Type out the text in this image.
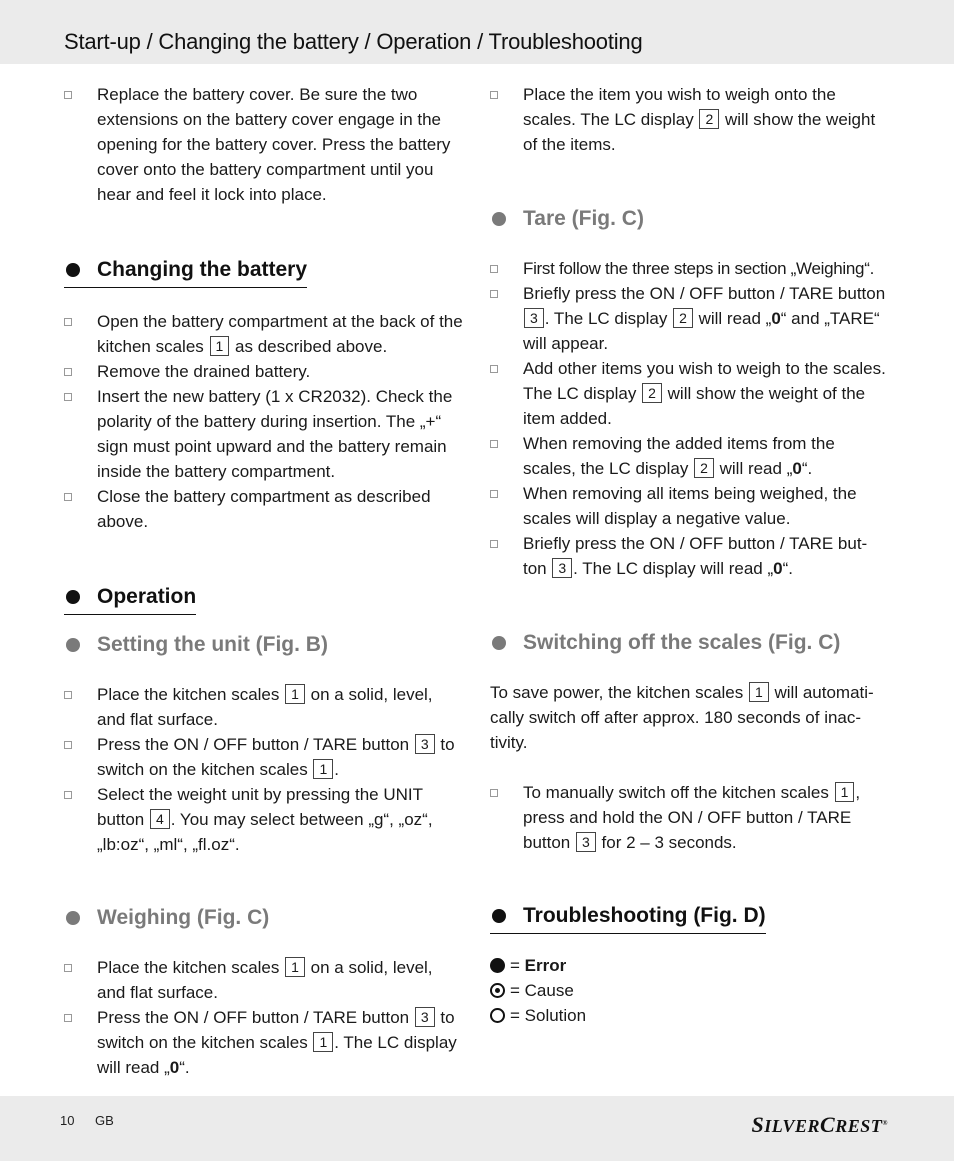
Start-up / Changing the battery / Operation / Troubleshooting
Replace the battery cover. Be sure the two extensions on the battery cover engage in the opening for the battery cover. Press the battery cover onto the battery compartment until you hear and feel it lock into place.
Changing the battery
Open the battery compartment at the back of the kitchen scales 1 as described above.
Remove the drained battery.
Insert the new battery (1 x CR2032). Check the polarity of the battery during insertion. The „+“ sign must point upward and the battery remain inside the battery compartment.
Close the battery compartment as described above.
Operation
Setting the unit (Fig. B)
Place the kitchen scales 1 on a solid, level, and flat surface.
Press the ON / OFF button / TARE button 3 to switch on the kitchen scales 1 .
Select the weight unit by pressing the UNIT button 4 . You may select between „g“, „oz“, „lb:oz“, „ml“, „fl.oz“.
Weighing (Fig. C)
Place the kitchen scales 1 on a solid, level, and flat surface.
Press the ON / OFF button / TARE button 3 to switch on the kitchen scales 1 . The LC display will read „0“.
Place the item you wish to weigh onto the scales. The LC display 2 will show the weight of the items.
Tare (Fig. C)
First follow the three steps in section „Weighing“.
Briefly press the ON / OFF button / TARE button 3 . The LC display 2 will read „0“ and „TARE“ will appear.
Add other items you wish to weigh to the scales. The LC display 2 will show the weight of the item added.
When removing the added items from the scales, the LC display 2 will read „0“.
When removing all items being weighed, the scales will display a negative value.
Briefly press the ON / OFF button / TARE but-ton 3 . The LC display will read „0“.
Switching off the scales (Fig. C)
To save power, the kitchen scales 1 will automati-cally switch off after approx. 180 seconds of inac-tivity.
To manually switch off the kitchen scales 1 , press and hold the ON / OFF button / TARE button 3 for 2 – 3 seconds.
Troubleshooting (Fig. D)
= Error
= Cause
= Solution
10 GB	SILVERCREST®
